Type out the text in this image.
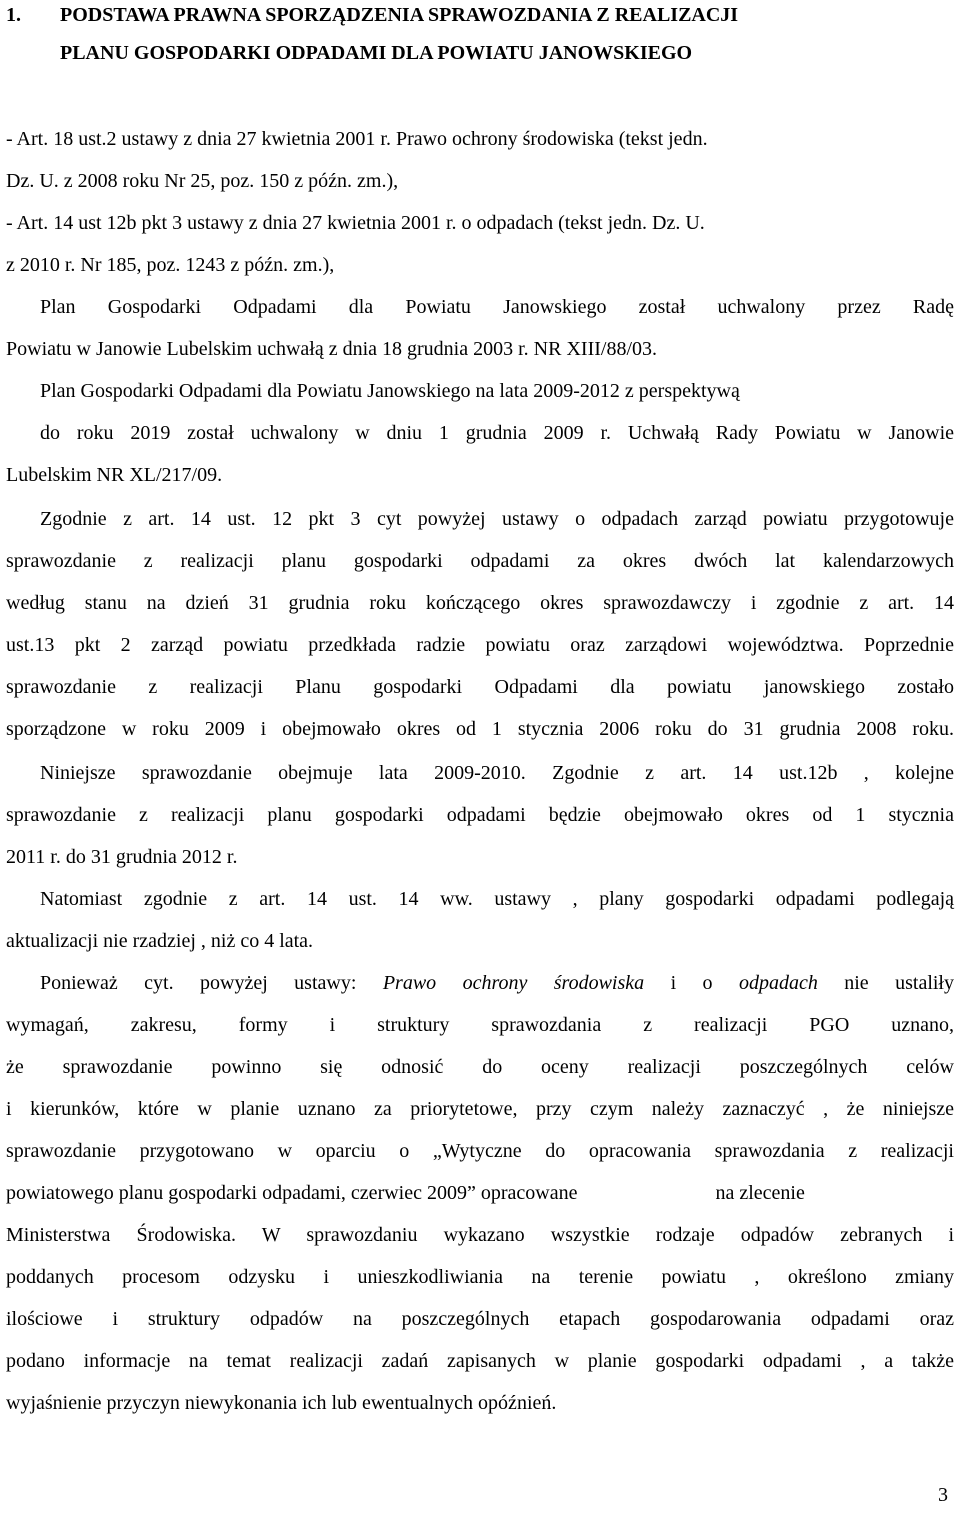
1. PODSTAWA PRAWNA SPORZĄDZENIA SPRAWOZDANIA Z REALIZACJI
PLANU GOSPODARKI ODPADAMI DLA POWIATU JANOWSKIEGO
- Art. 18 ust.2 ustawy z dnia 27 kwietnia 2001 r. Prawo ochrony środowiska (tekst jedn.
Dz. U. z 2008 roku Nr 25, poz. 150 z późn. zm.),
- Art. 14 ust 12b pkt 3 ustawy z dnia 27 kwietnia 2001 r. o odpadach (tekst jedn. Dz. U.
z 2010 r. Nr 185, poz. 1243 z późn. zm.),
Plan Gospodarki Odpadami dla Powiatu Janowskiego został uchwalony przez Radę
Powiatu w Janowie Lubelskim uchwałą z dnia 18 grudnia 2003 r. NR XIII/88/03.
Plan Gospodarki Odpadami dla Powiatu Janowskiego na lata 2009-2012 z perspektywą
do roku 2019 został uchwalony w dniu 1 grudnia 2009 r. Uchwałą Rady Powiatu w Janowie
Lubelskim NR XL/217/09.
Zgodnie z art. 14 ust. 12 pkt 3 cyt powyżej ustawy o odpadach zarząd powiatu przygotowuje
sprawozdanie z realizacji planu gospodarki odpadami za okres dwóch lat kalendarzowych
według stanu na dzień 31 grudnia roku kończącego okres sprawozdawczy i zgodnie z art. 14
ust.13 pkt 2 zarząd powiatu przedkłada radzie powiatu oraz zarządowi województwa. Poprzednie
sprawozdanie z realizacji Planu gospodarki Odpadami dla powiatu janowskiego zostało
sporządzone w roku 2009 i obejmowało okres od 1 stycznia 2006 roku do 31 grudnia 2008 roku.
Niniejsze sprawozdanie obejmuje lata 2009-2010. Zgodnie z art. 14 ust.12b , kolejne
sprawozdanie z realizacji planu gospodarki odpadami będzie obejmowało okres od 1 stycznia
2011 r. do 31 grudnia 2012 r.
Natomiast zgodnie z art. 14 ust. 14 ww. ustawy , plany gospodarki odpadami podlegają
aktualizacji nie rzadziej , niż co 4 lata.
Ponieważ cyt. powyżej ustawy: Prawo ochrony środowiska i o odpadach nie ustaliły
wymagań, zakresu, formy i struktury sprawozdania z realizacji PGO uznano,
że sprawozdanie powinno się odnosić do oceny realizacji poszczególnych celów
i kierunków, które w planie uznano za priorytetowe, przy czym należy zaznaczyć , że niniejsze
sprawozdanie przygotowano w oparciu o „Wytyczne do opracowania sprawozdania z realizacji
powiatowego planu gospodarki odpadami, czerwiec 2009” opracowane	na zlecenie
Ministerstwa Środowiska. W sprawozdaniu wykazano wszystkie rodzaje odpadów zebranych i
poddanych procesom odzysku i unieszkodliwiania na terenie powiatu , określono zmiany
ilościowe i struktury odpadów na poszczególnych etapach gospodarowania odpadami oraz
podano informacje na temat realizacji zadań zapisanych w planie gospodarki odpadami , a także
wyjaśnienie przyczyn niewykonania ich lub ewentualnych opóźnień.
3
